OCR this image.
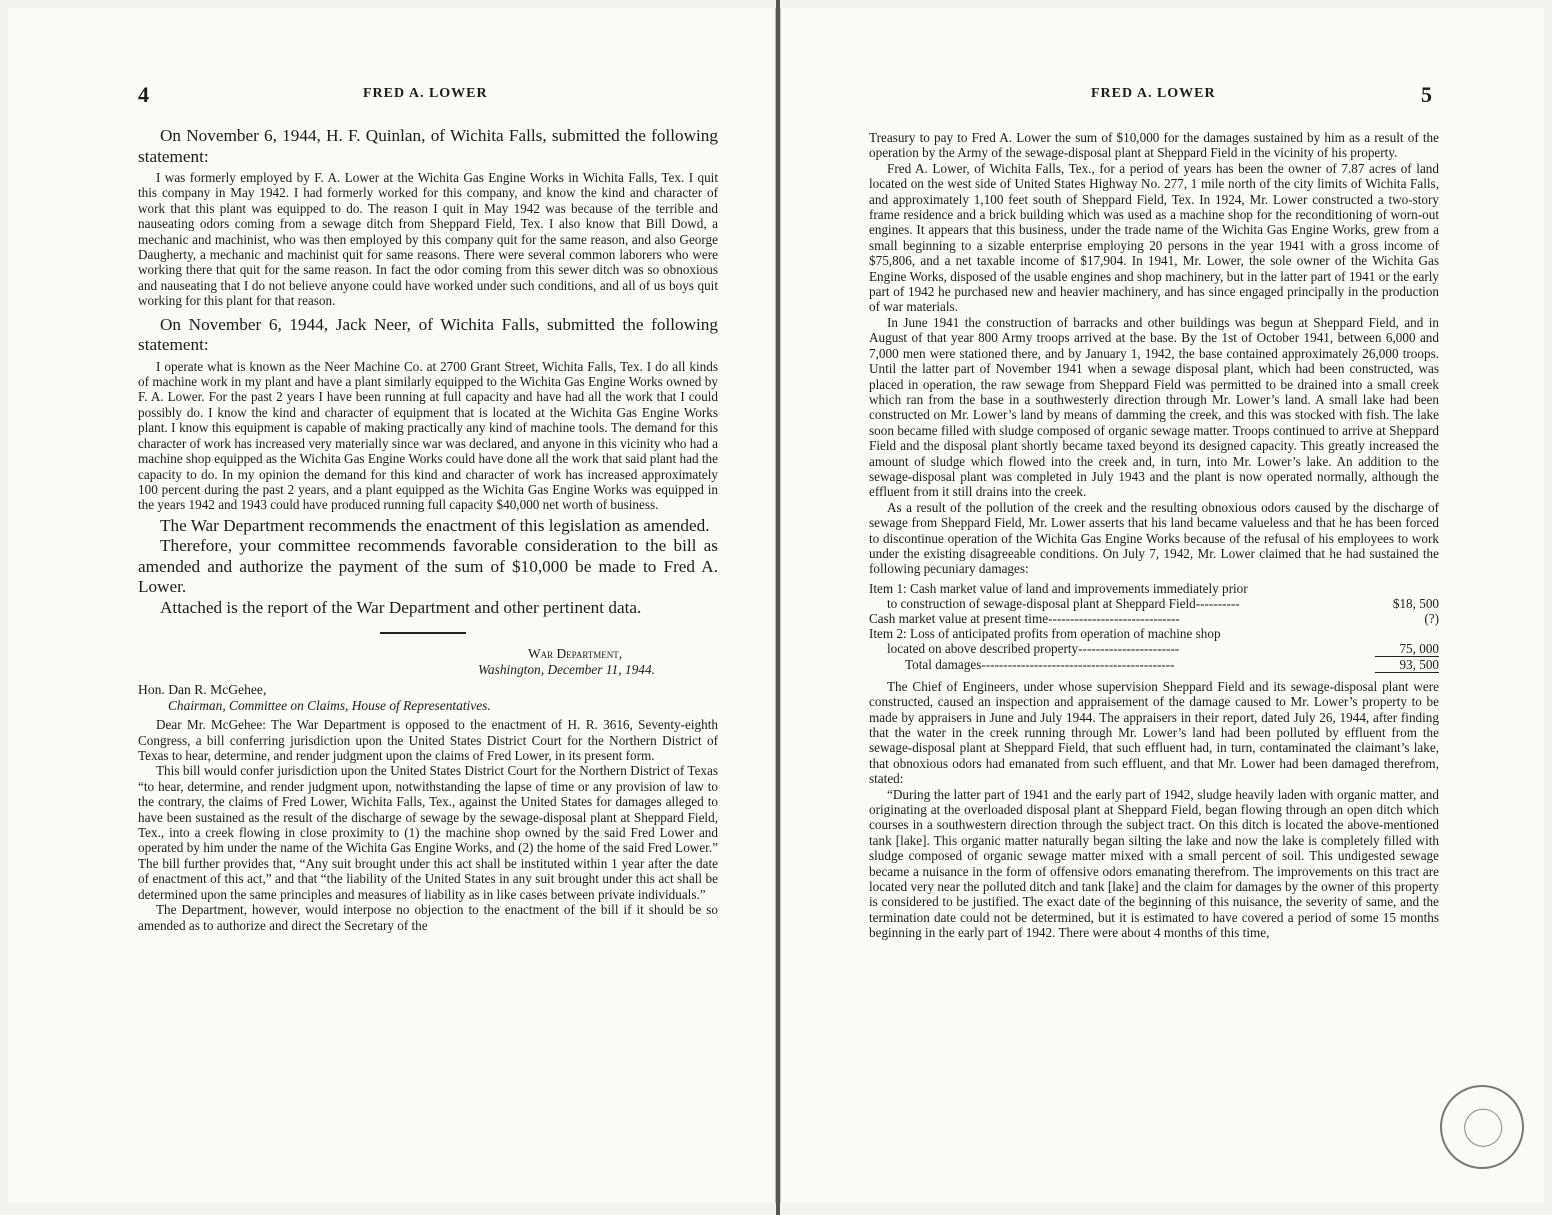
4	FRED A. LOWER

On November 6, 1944, H. F. Quinlan, of Wichita Falls, submitted the following statement:

I was formerly employed by F. A. Lower at the Wichita Gas Engine Works in Wichita Falls, Tex. I quit this company in May 1942. I had formerly worked for this company, and know the kind and character of work that this plant was equipped to do. The reason I quit in May 1942 was because of the terrible and nauseating odors coming from a sewage ditch from Sheppard Field, Tex. I also know that Bill Dowd, a mechanic and machinist, who was then employed by this company quit for the same reason, and also George Daugherty, a mechanic and machinist quit for same reasons. There were several common laborers who were working there that quit for the same reason. In fact the odor coming from this sewer ditch was so obnoxious and nauseating that I do not believe anyone could have worked under such conditions, and all of us boys quit working for this plant for that reason.

On November 6, 1944, Jack Neer, of Wichita Falls, submitted the following statement:

I operate what is known as the Neer Machine Co. at 2700 Grant Street, Wichita Falls, Tex. I do all kinds of machine work in my plant and have a plant similarly equipped to the Wichita Gas Engine Works owned by F. A. Lower. For the past 2 years I have been running at full capacity and have had all the work that I could possibly do. I know the kind and character of equipment that is located at the Wichita Gas Engine Works plant. I know this equipment is capable of making practically any kind of machine tools. The demand for this character of work has increased very materially since war was declared, and anyone in this vicinity who had a machine shop equipped as the Wichita Gas Engine Works could have done all the work that said plant had the capacity to do. In my opinion the demand for this kind and character of work has increased approximately 100 percent during the past 2 years, and a plant equipped as the Wichita Gas Engine Works was equipped in the years 1942 and 1943 could have produced running full capacity $40,000 net worth of business.

The War Department recommends the enactment of this legislation as amended.

Therefore, your committee recommends favorable consideration to the bill as amended and authorize the payment of the sum of $10,000 be made to Fred A. Lower.

Attached is the report of the War Department and other pertinent data.

War Department,
Washington, December 11, 1944.
Hon. Dan R. McGehee,
Chairman, Committee on Claims, House of Representatives.

Dear Mr. McGehee: The War Department is opposed to the enactment of H. R. 3616, Seventy-eighth Congress, a bill conferring jurisdiction upon the United States District Court for the Northern District of Texas to hear, determine, and render judgment upon the claims of Fred Lower, in its present form.

This bill would confer jurisdiction upon the United States District Court for the Northern District of Texas “to hear, determine, and render judgment upon, notwithstanding the lapse of time or any provision of law to the contrary, the claims of Fred Lower, Wichita Falls, Tex., against the United States for damages alleged to have been sustained as the result of the discharge of sewage by the sewage-disposal plant at Sheppard Field, Tex., into a creek flowing in close proximity to (1) the machine shop owned by the said Fred Lower and operated by him under the name of the Wichita Gas Engine Works, and (2) the home of the said Fred Lower.” The bill further provides that, “Any suit brought under this act shall be instituted within 1 year after the date of enactment of this act,” and that “the liability of the United States in any suit brought under this act shall be determined upon the same principles and measures of liability as in like cases between private individuals.”

The Department, however, would interpose no objection to the enactment of the bill if it should be so amended as to authorize and direct the Secretary of the

FRED A. LOWER	5

Treasury to pay to Fred A. Lower the sum of $10,000 for the damages sustained by him as a result of the operation by the Army of the sewage-disposal plant at Sheppard Field in the vicinity of his property.

Fred A. Lower, of Wichita Falls, Tex., for a period of years has been the owner of 7.87 acres of land located on the west side of United States Highway No. 277, 1 mile north of the city limits of Wichita Falls, and approximately 1,100 feet south of Sheppard Field, Tex. In 1924, Mr. Lower constructed a two-story frame residence and a brick building which was used as a machine shop for the reconditioning of worn-out engines. It appears that this business, under the trade name of the Wichita Gas Engine Works, grew from a small beginning to a sizable enterprise employing 20 persons in the year 1941 with a gross income of $75,806, and a net taxable income of $17,904. In 1941, Mr. Lower, the sole owner of the Wichita Gas Engine Works, disposed of the usable engines and shop machinery, but in the latter part of 1941 or the early part of 1942 he purchased new and heavier machinery, and has since engaged principally in the production of war materials.

In June 1941 the construction of barracks and other buildings was begun at Sheppard Field, and in August of that year 800 Army troops arrived at the base. By the 1st of October 1941, between 6,000 and 7,000 men were stationed there, and by January 1, 1942, the base contained approximately 26,000 troops. Until the latter part of November 1941 when a sewage disposal plant, which had been constructed, was placed in operation, the raw sewage from Sheppard Field was permitted to be drained into a small creek which ran from the base in a southwesterly direction through Mr. Lower’s land. A small lake had been constructed on Mr. Lower’s land by means of damming the creek, and this was stocked with fish. The lake soon became filled with sludge composed of organic sewage matter. Troops continued to arrive at Sheppard Field and the disposal plant shortly became taxed beyond its designed capacity. This greatly increased the amount of sludge which flowed into the creek and, in turn, into Mr. Lower’s lake. An addition to the sewage-disposal plant was completed in July 1943 and the plant is now operated normally, although the effluent from it still drains into the creek.

As a result of the pollution of the creek and the resulting obnoxious odors caused by the discharge of sewage from Sheppard Field, Mr. Lower asserts that his land became valueless and that he has been forced to discontinue operation of the Wichita Gas Engine Works because of the refusal of his employees to work under the existing disagreeable conditions. On July 7, 1942, Mr. Lower claimed that he had sustained the following pecuniary damages:

Item 1: Cash market value of land and improvements immediately prior	
to construction of sewage-disposal plant at Sheppard Field----------	$18, 500
Cash market value at present time------------------------------	(?)
Item 2: Loss of anticipated profits from operation of machine shop	
located on above described property-----------------------	75, 000
Total damages--------------------------------------------	93, 500

The Chief of Engineers, under whose supervision Sheppard Field and its sewage-disposal plant were constructed, caused an inspection and appraisement of the damage caused to Mr. Lower’s property to be made by appraisers in June and July 1944. The appraisers in their report, dated July 26, 1944, after finding that the water in the creek running through Mr. Lower’s land had been polluted by effluent from the sewage-disposal plant at Sheppard Field, that such effluent had, in turn, contaminated the claimant’s lake, that obnoxious odors had emanated from such effluent, and that Mr. Lower had been damaged therefrom, stated:

“During the latter part of 1941 and the early part of 1942, sludge heavily laden with organic matter, and originating at the overloaded disposal plant at Sheppard Field, began flowing through an open ditch which courses in a southwestern direction through the subject tract. On this ditch is located the above-mentioned tank [lake]. This organic matter naturally began silting the lake and now the lake is completely filled with sludge composed of organic sewage matter mixed with a small percent of soil. This undigested sewage became a nuisance in the form of offensive odors emanating therefrom. The improvements on this tract are located very near the polluted ditch and tank [lake] and the claim for damages by the owner of this property is considered to be justified. The exact date of the beginning of this nuisance, the severity of same, and the termination date could not be determined, but it is estimated to have covered a period of some 15 months beginning in the early part of 1942. There were about 4 months of this time,
